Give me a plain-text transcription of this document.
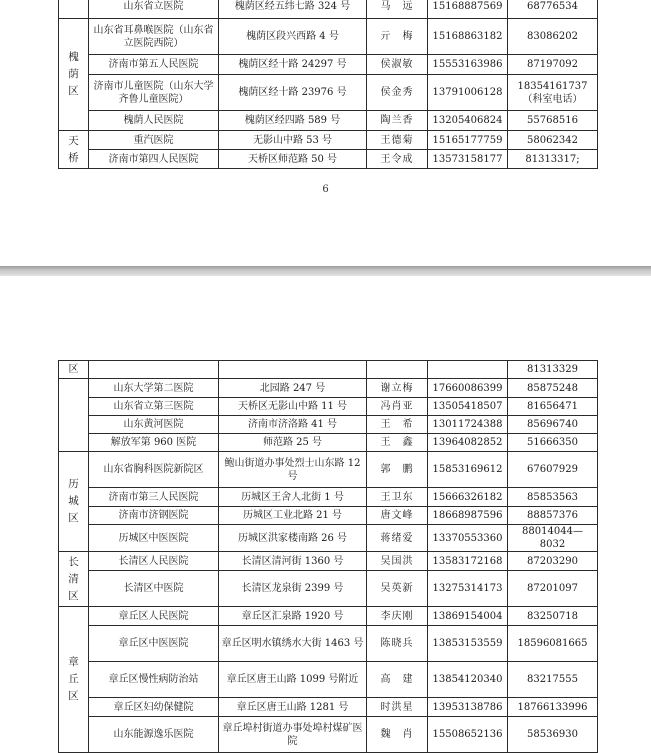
	山东省立医院	槐荫区经五纬七路 324 号	马　远	15168887569	68776534

槐
荫
区	山东省耳鼻喉医院（山东省立医院西院）	槐荫区段兴西路 4 号	亓　梅	15168863182	83086202
	济南市第五人民医院	槐荫区经十路 24297 号	侯淑敏	15553163986	87197092
	济南市儿童医院（山东大学齐鲁儿童医院）	槐荫区经十路 23976 号	侯金秀	13791006128	18354161737（科室电话）
	槐荫人民医院	槐荫区经四路 589 号	陶兰香	13205406824	55768516

天
桥	重汽医院	无影山中路 53 号	王德菊	15165177759	58062342
	济南市第四人民医院	天桥区师范路 50 号	王令成	13573158177	81313317;
6
区					81313329
	山东大学第二医院	北园路 247 号	谢立梅	17660086399	85875248
	山东省立第三医院	天桥区无影山中路 11 号	冯肖亚	13505418507	81656471
	山东黄河医院	济南市济洛路 41 号	王　希	13011724388	85696740
	解放军第 960 医院	师范路 25 号	王　鑫	13964082852	51666350

历
城
区	山东省胸科医院新院区	鲍山街道办事处烈士山东路 12 号	郭　鹏	15853169612	67607929
	济南市第三人民医院	历城区王舍人北街 1 号	王卫东	15666326182	85853563
	济南市济钢医院	历城区工业北路 21 号	唐文峰	18668987596	88857376
	历城区中医医院	历城区洪家楼南路 26 号	蒋绪爱	13370553360	88014044—8032

长
清
区	长清区人民医院	长清区清河街 1360 号	吴国洪	13583172168	87203290
	长清区中医院	长清区龙泉街 2399 号	吴英新	13275314173	87201097

章
丘
区	章丘区人民医院	章丘区汇泉路 1920 号	李庆刚	13869154004	83250718
	章丘区中医医院	章丘区明水镇绣水大街 1463 号	陈晓兵	13853153559	18596081665
	章丘区慢性病防治站	章丘区唐王山路 1099 号附近	高　建	13854120340	83217555
	章丘区妇幼保健院	章丘区唐王山路 1281 号	时洪星	13953138786	18766133996
	山东能源逸乐医院	章丘埠村街道办事处埠村煤矿医院	魏　肖	15508652136	58536930
